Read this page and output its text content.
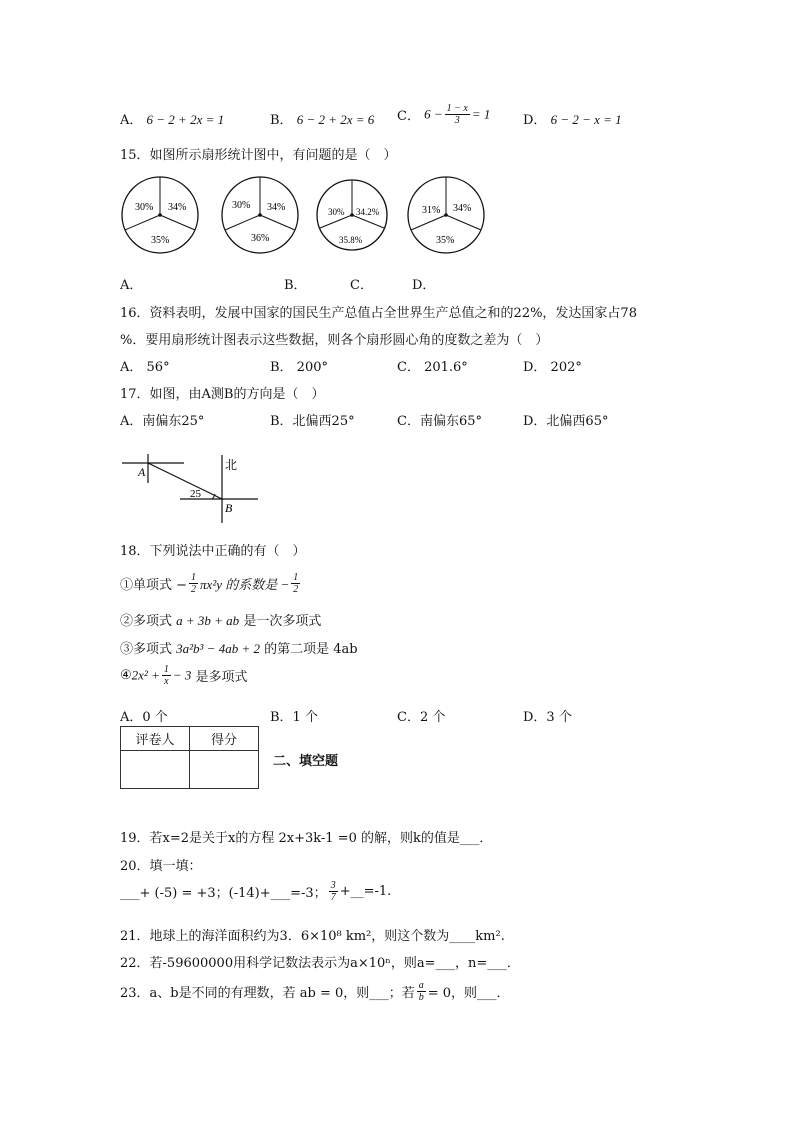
A． 6 − 2 + 2x = 1	B． 6 − 2 + 2x = 6 C． $6 - \frac{1 - x}{3} = 1$	D． 6 − 2 − x = 1
15．如图所示扇形统计图中，有问题的是（　）
30% 34%
35%
30% 34%
36%
30% 34.2%
35.8%
31% 34%
35%
A．	B．	C．	D．
16．资料表明，发展中国家的国民生产总值占全世界生产总值之和的22%，发达国家占78
%．要用扇形统计图表示这些数据，则各个扇形圆心角的度数之差为（　）
A． 56°	B． 200°	C． 201.6°	D． 202°
17．如图，由A测B的方向是（　）
A．南偏东25°	B．北偏西25°	C．南偏东65°	D．北偏西65°
A
B
北
25
18．下列说法中正确的有（　）
①单项式 − $\frac{1}{2} \pi x^2y$ 的系数是 − $\frac{1}{2}$
②多项式 a + 3b + ab 是一次多项式
③多项式 3a²b³ − 4ab + 2 的第二项是 4ab
④2x² + $\frac{1}{x} - 3$ 是多项式
A．0 个	B．1 个	C．2 个	D．3 个
评卷人	得分

二、填空题
19．若x=2是关于x的方程 2x+3k-1 =0 的解，则k的值是___．
20．填一填：
___+ (-5) = +3；(-14)+___=-3； $\frac{3}{7}$ +__=-1.
21．地球上的海洋面积约为3．6×10⁸ km²，则这个数为____km².
22．若-59600000用科学记数法表示为a×10ⁿ，则a=___，n=___．
23．a、b是不同的有理数，若 ab = 0，则___；若 $\frac{a}{b} = 0$，则___．
